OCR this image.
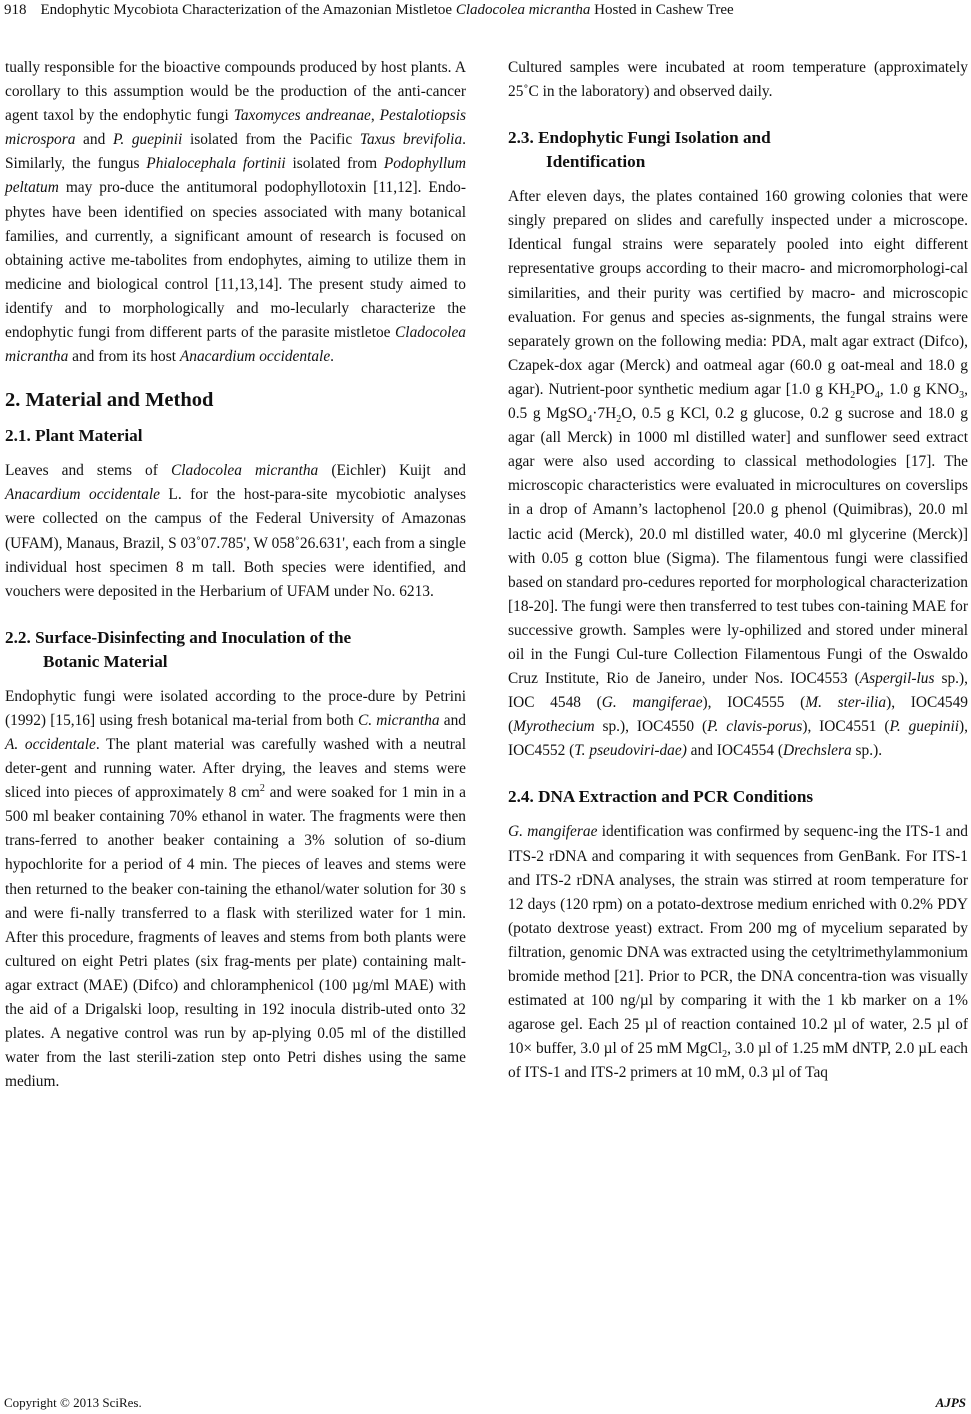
918 Endophytic Mycobiota Characterization of the Amazonian Mistletoe Cladocolea micrantha Hosted in Cashew Tree

tually responsible for the bioactive compounds produced by host plants. A corollary to this assumption would be the production of the anti-cancer agent taxol by the endophytic fungi Taxomyces andreanae, Pestalotiopsis microspora and P. guepinii isolated from the Pacific Taxus brevifolia. Similarly, the fungus Phialocephala fortinii isolated from Podophyllum peltatum may pro-duce the antitumoral podophyllotoxin [11,12]. Endo-phytes have been identified on species associated with many botanical families, and currently, a significant amount of research is focused on obtaining active me-tabolites from endophytes, aiming to utilize them in medicine and biological control [11,13,14]. The present study aimed to identify and to morphologically and mo-lecularly characterize the endophytic fungi from different parts of the parasite mistletoe Cladocolea micrantha and from its host Anacardium occidentale.

2. Material and Method
2.1. Plant Material

Leaves and stems of Cladocolea micrantha (Eichler) Kuijt and Anacardium occidentale L. for the host-para-site mycobiotic analyses were collected on the campus of the Federal University of Amazonas (UFAM), Manaus, Brazil, S 03˚07.785', W 058˚26.631', each from a single individual host specimen 8 m tall. Both species were identified, and vouchers were deposited in the Herbarium of UFAM under No. 6213.

2.2. Surface-Disinfecting and Inoculation of the
Botanic Material

Endophytic fungi were isolated according to the proce-dure by Petrini (1992) [15,16] using fresh botanical ma-terial from both C. micrantha and A. occidentale. The plant material was carefully washed with a neutral deter-gent and running water. After drying, the leaves and stems were sliced into pieces of approximately 8 $cm^2$ and were soaked for 1 min in a 500 ml beaker containing 70% ethanol in water. The fragments were then trans-ferred to another beaker containing a 3% solution of so-dium hypochlorite for a period of 4 min. The pieces of leaves and stems were then returned to the beaker con-taining the ethanol/water solution for 30 s and were fi-nally transferred to a flask with sterilized water for 1 min. After this procedure, fragments of leaves and stems from both plants were cultured on eight Petri plates (six frag-ments per plate) containing malt-agar extract (MAE) (Difco) and chloramphenicol (100 µg/ml MAE) with the aid of a Drigalski loop, resulting in 192 inocula distrib-uted onto 32 plates. A negative control was run by ap-plying 0.05 ml of the distilled water from the last sterili-zation step onto Petri dishes using the same medium.

Cultured samples were incubated at room temperature (approximately 25˚C in the laboratory) and observed daily.

2.3. Endophytic Fungi Isolation and
Identification

After eleven days, the plates contained 160 growing colonies that were singly prepared on slides and carefully inspected under a microscope. Identical fungal strains were separately pooled into eight different representative groups according to their macro- and micromorphologi-cal similarities, and their purity was certified by macro- and microscopic evaluation. For genus and species as-signments, the fungal strains were separately grown on the following media: PDA, malt agar extract (Difco), Czapek-dox agar (Merck) and oatmeal agar (60.0 g oat-meal and 18.0 g agar). Nutrient-poor synthetic medium agar [1.0 g $KH_2PO_4$, 1.0 g $KNO_3$, 0.5 g $MgSO_4\cdot 7H_2O$, 0.5 g KCl, 0.2 g glucose, 0.2 g sucrose and 18.0 g agar (all Merck) in 1000 ml distilled water] and sunflower seed extract agar were also used according to classical methodologies [17]. The microscopic characteristics were evaluated in microcultures on coverslips in a drop of Amann’s lactophenol [20.0 g phenol (Quimibras), 20.0 ml lactic acid (Merck), 20.0 ml distilled water, 40.0 ml glycerine (Merck)] with 0.05 g cotton blue (Sigma). The filamentous fungi were classified based on standard pro-cedures reported for morphological characterization [18-20]. The fungi were then transferred to test tubes con-taining MAE for successive growth. Samples were ly-ophilized and stored under mineral oil in the Fungi Cul-ture Collection Filamentous Fungi of the Oswaldo Cruz Institute, Rio de Janeiro, under Nos. IOC4553 (Aspergil-lus sp.), IOC 4548 (G. mangiferae), IOC4555 (M. ster-ilia), IOC4549 (Myrothecium sp.), IOC4550 (P. clavis-porus), IOC4551 (P. guepinii), IOC4552 (T. pseudoviri-dae) and IOC4554 (Drechslera sp.).

2.4. DNA Extraction and PCR Conditions

G. mangiferae identification was confirmed by sequenc-ing the ITS-1 and ITS-2 rDNA and comparing it with sequences from GenBank. For ITS-1 and ITS-2 rDNA analyses, the strain was stirred at room temperature for 12 days (120 rpm) on a potato-dextrose medium enriched with 0.2% PDY (potato dextrose yeast) extract. From 200 mg of mycelium separated by filtration, genomic DNA was extracted using the cetyltrimethylammonium bromide method [21]. Prior to PCR, the DNA concentra-tion was visually estimated at 100 ng/µl by comparing it with the 1 kb marker on a 1% agarose gel. Each 25 µl of reaction contained 10.2 µl of water, 2.5 µl of 10× buffer, 3.0 µl of 25 mM MgCl$_2$, 3.0 µl of 1.25 mM dNTP, 2.0 µL each of ITS-1 and ITS-2 primers at 10 mM, 0.3 µl of Taq

Copyright © 2013 SciRes.	AJPS
